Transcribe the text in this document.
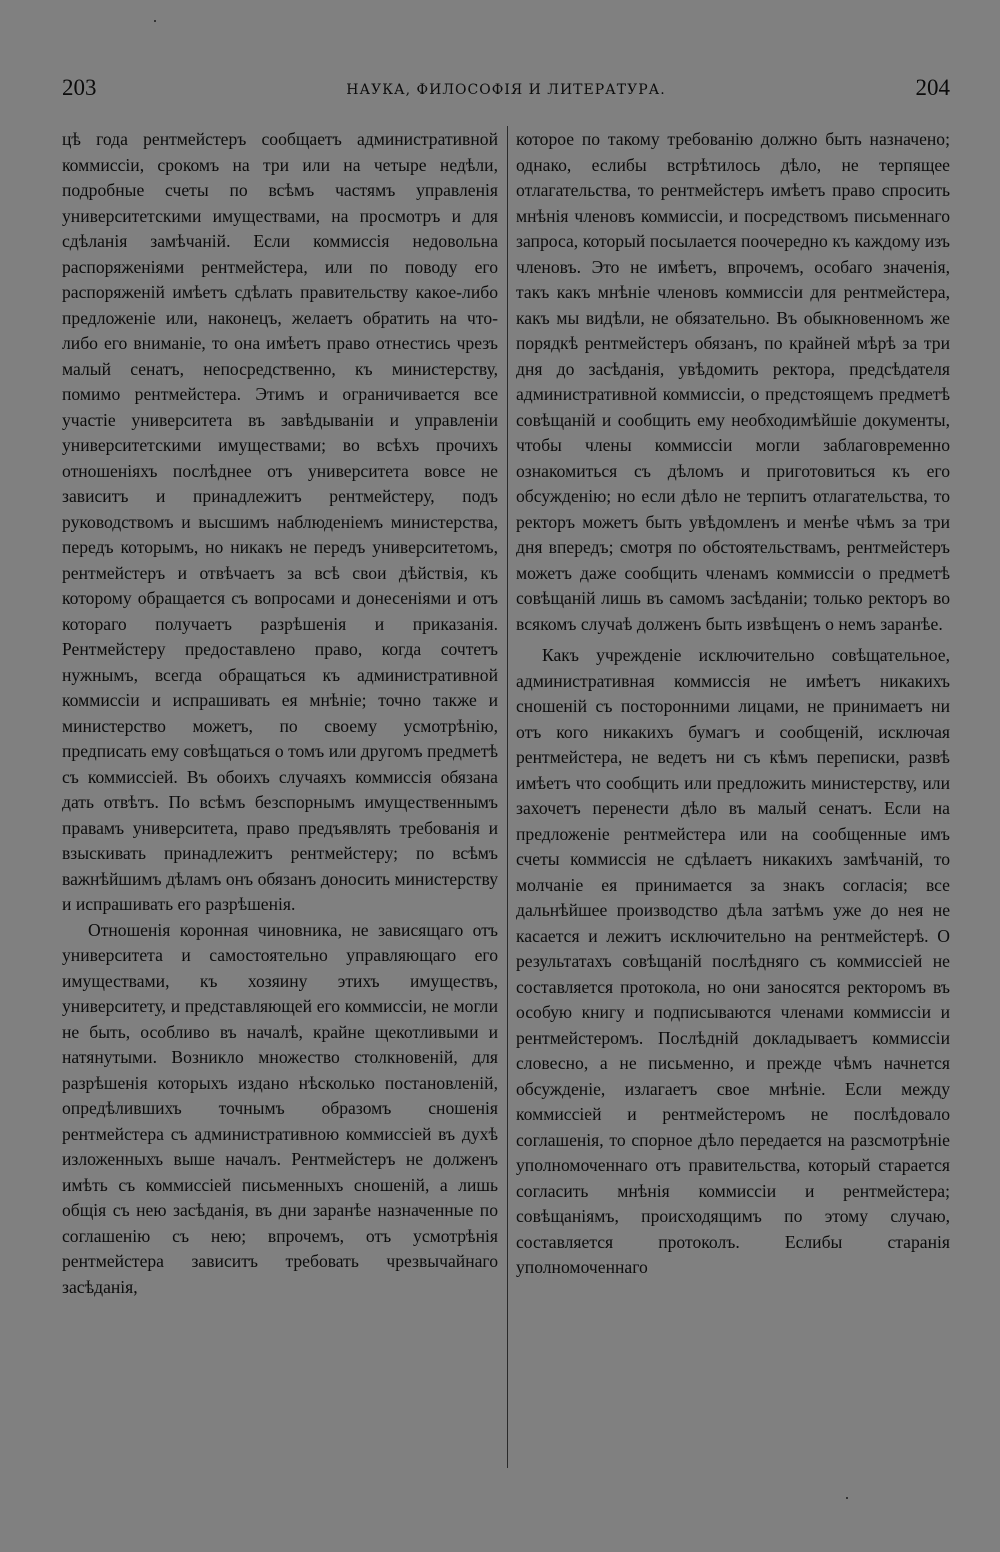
203	НАУКА, ФИЛОСОФІЯ И ЛИТЕРАТУРА.	204

цѣ года рентмейстеръ сообщаетъ административной коммиссіи, срокомъ на три или на четыре недѣли, подробные счеты по всѣмъ частямъ управленія университетскими имуществами, на просмотръ и для сдѣланія замѣчаній. Если коммиссія недовольна распоряженіями рентмейстера, или по поводу его распоряженій имѣетъ сдѣлать правительству какое-либо предложеніе или, наконецъ, желаетъ обратить на что-либо его вниманіе, то она имѣетъ право отнестись чрезъ малый сенатъ, непосредственно, къ министерству, помимо рентмейстера. Этимъ и ограничивается все участіе университета въ завѣдываніи и управленіи университетскими имуществами; во всѣхъ прочихъ отношеніяхъ послѣднее отъ университета вовсе не зависитъ и принадлежитъ рентмейстеру, подъ руководствомъ и высшимъ наблюденіемъ министерства, передъ которымъ, но никакъ не передъ университетомъ, рентмейстеръ и отвѣчаетъ за всѣ свои дѣйствія, къ которому обращается съ вопросами и донесеніями и отъ котораго получаетъ разрѣшенія и приказанія. Рентмейстеру предоставлено право, когда сочтетъ нужнымъ, всегда обращаться къ административной коммиссіи и испрашивать ея мнѣніе; точно также и министерство можетъ, по своему усмотрѣнію, предписать ему совѣщаться о томъ или другомъ предметѣ съ коммиссіей. Въ обоихъ случаяхъ коммиссія обязана дать отвѣтъ. По всѣмъ безспорнымъ имущественнымъ правамъ университета, право предъявлять требованія и взыскивать принадлежитъ рентмейстеру; по всѣмъ важнѣйшимъ дѣламъ онъ обязанъ доносить министерству и испрашивать его разрѣшенія.

Отношенія коронная чиновника, не зависящаго отъ университета и самостоятельно управляющаго его имуществами, къ хозяину этихъ имуществъ, университету, и представляющей его коммиссіи, не могли не быть, особливо въ началѣ, крайне щекотливыми и натянутыми. Возникло множество столкновеній, для разрѣшенія которыхъ издано нѣсколько постановленій, опредѣлившихъ точнымъ образомъ сношенія рентмейстера съ административною коммиссіей въ духѣ изложенныхъ выше началъ. Рентмейстеръ не долженъ имѣть съ коммиссіей письменныхъ сношеній, а лишь общія съ нею засѣданія, въ дни заранѣе назначенные по соглашенію съ нею; впрочемъ, отъ усмотрѣнія рентмейстера зависитъ требовать чрезвычайнаго засѣданія,

которое по такому требованію должно быть назначено; однако, еслибы встрѣтилось дѣло, не терпящее отлагательства, то рентмейстеръ имѣетъ право спросить мнѣнія членовъ коммиссіи, и посредствомъ письменнаго запроса, который посылается поочередно къ каждому изъ членовъ. Это не имѣетъ, впрочемъ, особаго значенія, такъ какъ мнѣніе членовъ коммиссіи для рентмейстера, какъ мы видѣли, не обязательно. Въ обыкновенномъ же порядкѣ рентмейстеръ обязанъ, по крайней мѣрѣ за три дня до засѣданія, увѣдомить ректора, предсѣдателя административной коммиссіи, о предстоящемъ предметѣ совѣщаній и сообщить ему необходимѣйшіе документы, чтобы члены коммиссіи могли заблаговременно ознакомиться съ дѣломъ и приготовиться къ его обсужденію; но если дѣло не терпитъ отлагательства, то ректоръ можетъ быть увѣдомленъ и менѣе чѣмъ за три дня впередъ; смотря по обстоятельствамъ, рентмейстеръ можетъ даже сообщить членамъ коммиссіи о предметѣ совѣщаній лишь въ самомъ засѣданіи; только ректоръ во всякомъ случаѣ долженъ быть извѣщенъ о немъ заранѣе.

Какъ учрежденіе исключительно совѣщательное, административная коммиссія не имѣетъ никакихъ сношеній съ посторонними лицами, не принимаетъ ни отъ кого никакихъ бумагъ и сообщеній, исключая рентмейстера, не ведетъ ни съ кѣмъ переписки, развѣ имѣетъ что сообщить или предложить министерству, или захочетъ перенести дѣло въ малый сенатъ. Если на предложеніе рентмейстера или на сообщенные имъ счеты коммиссія не сдѣлаетъ никакихъ замѣчаній, то молчаніе ея принимается за знакъ согласія; все дальнѣйшее производство дѣла затѣмъ уже до нея не касается и лежитъ исключительно на рентмейстерѣ. О результатахъ совѣщаній послѣдняго съ коммиссіей не составляется протокола, но они заносятся ректоромъ въ особую книгу и подписываются членами коммиссіи и рентмейстеромъ. Послѣдній докладываетъ коммиссіи словесно, а не письменно, и прежде чѣмъ начнется обсужденіе, излагаетъ свое мнѣніе. Если между коммиссіей и рентмейстеромъ не послѣдовало соглашенія, то спорное дѣло передается на разсмотрѣніе уполномоченнаго отъ правительства, который старается согласить мнѣнія коммиссіи и рентмейстера; совѣщаніямъ, происходящимъ по этому случаю, составляется протоколъ. Еслибы старанія уполномоченнаго
